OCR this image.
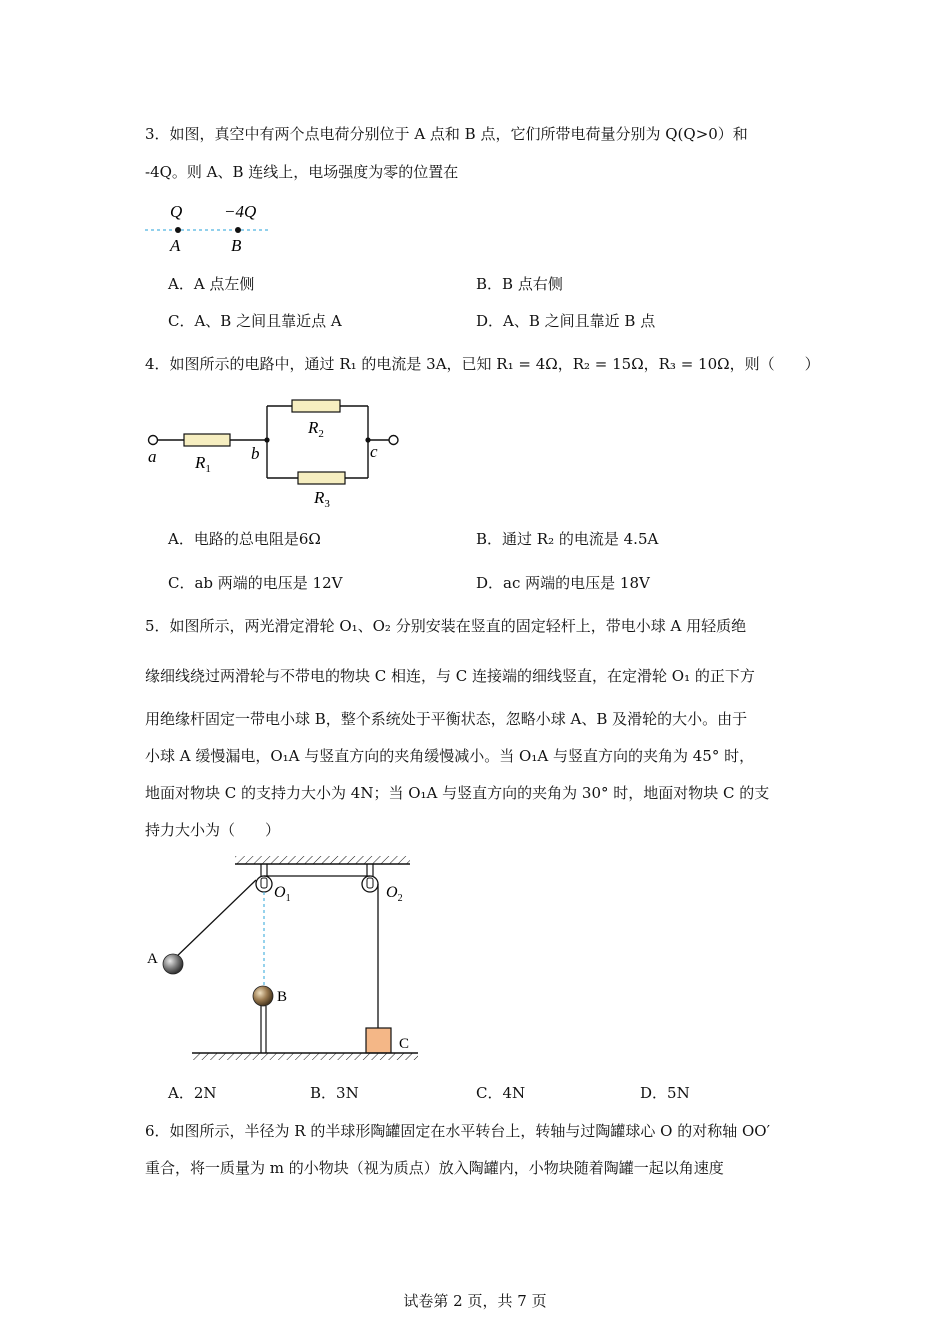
3．如图，真空中有两个点电荷分别位于 A 点和 B 点，它们所带电荷量分别为 Q(Q>0）和
-4Q。则 A、B 连线上，电场强度为零的位置在
Q −4Q
A	B
A．A 点左侧	B．B 点右侧
C．A、B 之间且靠近点 A	D．A、B 之间且靠近 B 点
4．如图所示的电路中，通过 R₁ 的电流是 3A，已知 R₁ = 4Ω，R₂ = 15Ω，R₃ = 10Ω，则（　　）
a	b	c
$R_1$
$R_2$
$R_3$
A．电路的总电阻是6Ω	B．通过 R₂ 的电流是 4.5A
C．ab 两端的电压是 12V	D．ac 两端的电压是 18V
5．如图所示，两光滑定滑轮 O₁、O₂ 分别安装在竖直的固定轻杆上，带电小球 A 用轻质绝
缘细线绕过两滑轮与不带电的物块 C 相连，与 C 连接端的细线竖直，在定滑轮 O₁ 的正下方
用绝缘杆固定一带电小球 B，整个系统处于平衡状态，忽略小球 A、B 及滑轮的大小。由于
小球 A 缓慢漏电，O₁A 与竖直方向的夹角缓慢减小。当 O₁A 与竖直方向的夹角为 45° 时，
地面对物块 C 的支持力大小为 4N；当 O₁A 与竖直方向的夹角为 30° 时，地面对物块 C 的支
持力大小为（　　）
$O_1$	$O_2$
A
B
C
A．2N	B．3N	C．4N	D．5N
6．如图所示，半径为 R 的半球形陶罐固定在水平转台上，转轴与过陶罐球心 O 的对称轴 OO′
重合，将一质量为 m 的小物块（视为质点）放入陶罐内，小物块随着陶罐一起以角速度
试卷第 2 页，共 7 页
